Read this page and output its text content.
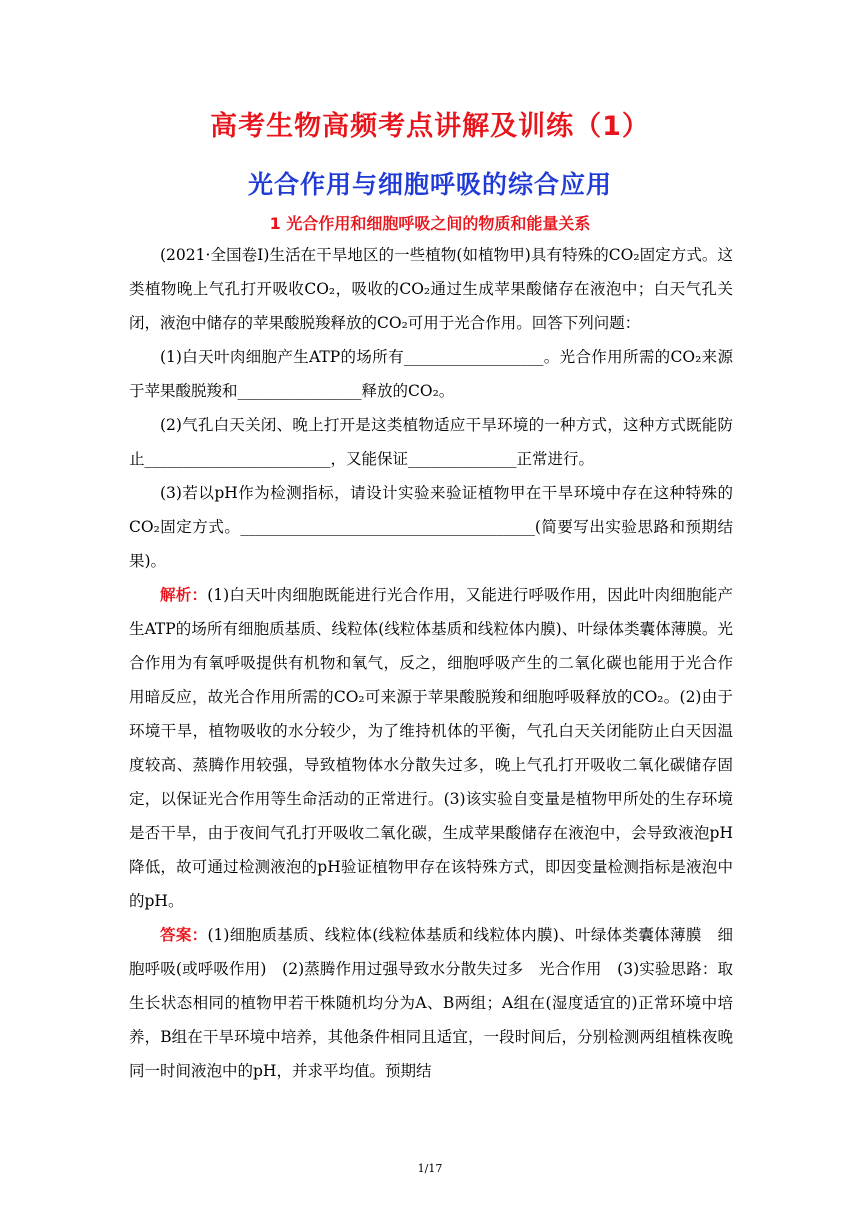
高考生物高频考点讲解及训练（1）
光合作用与细胞呼吸的综合应用
1 光合作用和细胞呼吸之间的物质和能量关系

(2021·全国卷Ⅰ)生活在干旱地区的一些植物(如植物甲)具有特殊的CO₂固定方式。这类植物晚上气孔打开吸收CO₂，吸收的CO₂通过生成苹果酸储存在液泡中；白天气孔关闭，液泡中储存的苹果酸脱羧释放的CO₂可用于光合作用。回答下列问题：

(1)白天叶肉细胞产生ATP的场所有__________________。光合作用所需的CO₂来源于苹果酸脱羧和________________释放的CO₂。

(2)气孔白天关闭、晚上打开是这类植物适应干旱环境的一种方式，这种方式既能防止________________________，又能保证______________正常进行。

(3)若以pH作为检测指标，请设计实验来验证植物甲在干旱环境中存在这种特殊的CO₂固定方式。______________________________________(简要写出实验思路和预期结果)。

解析：(1)白天叶肉细胞既能进行光合作用，又能进行呼吸作用，因此叶肉细胞能产生ATP的场所有细胞质基质、线粒体(线粒体基质和线粒体内膜)、叶绿体类囊体薄膜。光合作用为有氧呼吸提供有机物和氧气，反之，细胞呼吸产生的二氧化碳也能用于光合作用暗反应，故光合作用所需的CO₂可来源于苹果酸脱羧和细胞呼吸释放的CO₂。(2)由于环境干旱，植物吸收的水分较少，为了维持机体的平衡，气孔白天关闭能防止白天因温度较高、蒸腾作用较强，导致植物体水分散失过多，晚上气孔打开吸收二氧化碳储存固定，以保证光合作用等生命活动的正常进行。(3)该实验自变量是植物甲所处的生存环境是否干旱，由于夜间气孔打开吸收二氧化碳，生成苹果酸储存在液泡中，会导致液泡pH降低，故可通过检测液泡的pH验证植物甲存在该特殊方式，即因变量检测指标是液泡中的pH。

答案：(1)细胞质基质、线粒体(线粒体基质和线粒体内膜)、叶绿体类囊体薄膜　细胞呼吸(或呼吸作用)　(2)蒸腾作用过强导致水分散失过多　光合作用　(3)实验思路：取生长状态相同的植物甲若干株随机均分为A、B两组；A组在(湿度适宜的)正常环境中培养，B组在干旱环境中培养，其他条件相同且适宜，一段时间后，分别检测两组植株夜晚同一时间液泡中的pH，并求平均值。预期结

1/17
